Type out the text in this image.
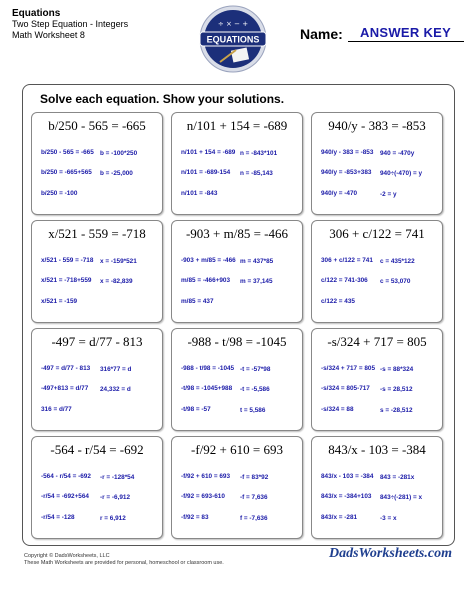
Equations
Two Step Equation - Integers
Math Worksheet 8
÷ × − +
EQUATIONS	Name: ANSWER KEY
Solve each equation. Show your solutions.
b/250 - 565 = -665
b/250 - 565 = -665
b/250 = -665+565
b/250 = -100
b = -100*250
b = -25,000
n/101 + 154 = -689
n/101 + 154 = -689
n/101 = -689-154
n/101 = -843
n = -843*101
n = -85,143
940/y - 383 = -853
940/y - 383 = -853
940/y = -853+383
940/y = -470
940 = -470y
940÷(-470) = y
-2 = y
x/521 - 559 = -718
x/521 - 559 = -718
x/521 = -718+559
x/521 = -159
x = -159*521
x = -82,839
-903 + m/85 = -466
-903 + m/85 = -466
m/85 = -466+903
m/85 = 437
m = 437*85
m = 37,145
306 + c/122 = 741
306 + c/122 = 741
c/122 = 741-306
c/122 = 435
c = 435*122
c = 53,070
-497 = d/77 - 813
-497 = d/77 - 813
-497+813 = d/77
316 = d/77
316*77 = d
24,332 = d
-988 - t/98 = -1045
-988 - t/98 = -1045
-t/98 = -1045+988
-t/98 = -57
-t = -57*98
-t = -5,586
t = 5,586
-s/324 + 717 = 805
-s/324 + 717 = 805
-s/324 = 805-717
-s/324 = 88
-s = 88*324
-s = 28,512
s = -28,512
-564 - r/54 = -692
-564 - r/54 = -692
-r/54 = -692+564
-r/54 = -128
-r = -128*54
-r = -6,912
r = 6,912
-f/92 + 610 = 693
-f/92 + 610 = 693
-f/92 = 693-610
-f/92 = 83
-f = 83*92
-f = 7,636
f = -7,636
843/x - 103 = -384
843/x - 103 = -384
843/x = -384+103
843/x = -281
843 = -281x
843÷(-281) = x
-3 = x
Copyright © DadsWorksheets, LLC
These Math Worksheets are provided for personal, homeschool or classroom use.
DadsWorksheets.com
